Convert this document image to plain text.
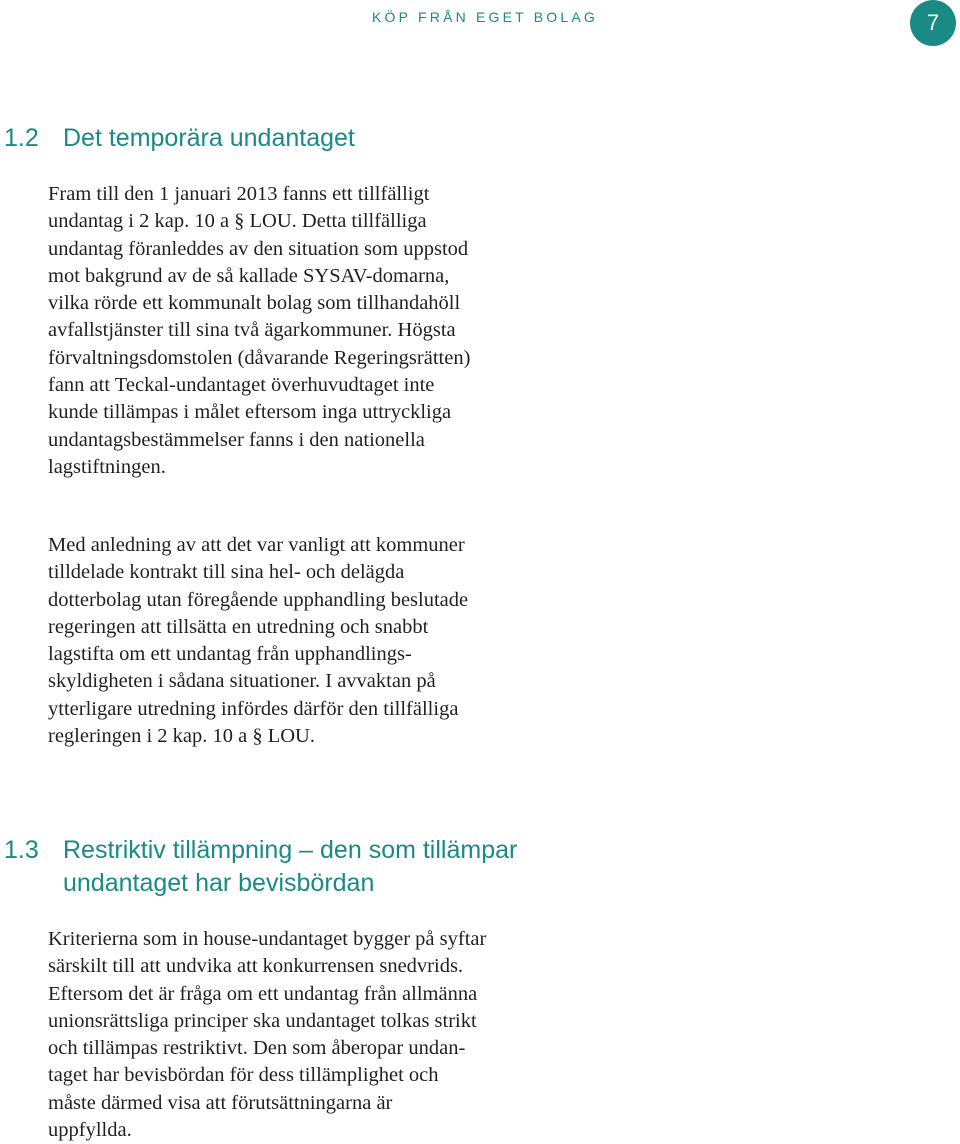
KÖP FRÅN EGET BOLAG	7
1.2 Det temporära undantaget

Fram till den 1 januari 2013 fanns ett tillfälligt
undantag i 2 kap. 10 a § LOU. Detta tillfälliga
undantag föranleddes av den situation som uppstod
mot bakgrund av de så kallade SYSAV-domarna,
vilka rörde ett kommunalt bolag som tillhandahöll
avfallstjänster till sina två ägarkommuner. Högsta
förvaltningsdomstolen (dåvarande Regeringsrätten)
fann att Teckal-undantaget överhuvudtaget inte
kunde tillämpas i målet eftersom inga uttryckliga
undantagsbestämmelser fanns i den nationella
lagstiftningen.

Med anledning av att det var vanligt att kommuner
tilldelade kontrakt till sina hel- och delägda
dotterbolag utan föregående upphandling beslutade
regeringen att tillsätta en utredning och snabbt
lagstifta om ett undantag från upphandlings-
skyldigheten i sådana situationer. I avvaktan på
ytterligare utredning infördes därför den tillfälliga
regleringen i 2 kap. 10 a § LOU.

1.3 Restriktiv tillämpning – den som tillämpar
undantaget har bevisbördan

Kriterierna som in house-undantaget bygger på syftar
särskilt till att undvika att konkurrensen snedvrids.
Eftersom det är fråga om ett undantag från allmänna
unionsrättsliga principer ska undantaget tolkas strikt
och tillämpas restriktivt. Den som åberopar undan-
taget har bevisbördan för dess tillämplighet och
måste därmed visa att förutsättningarna är
uppfyllda.
